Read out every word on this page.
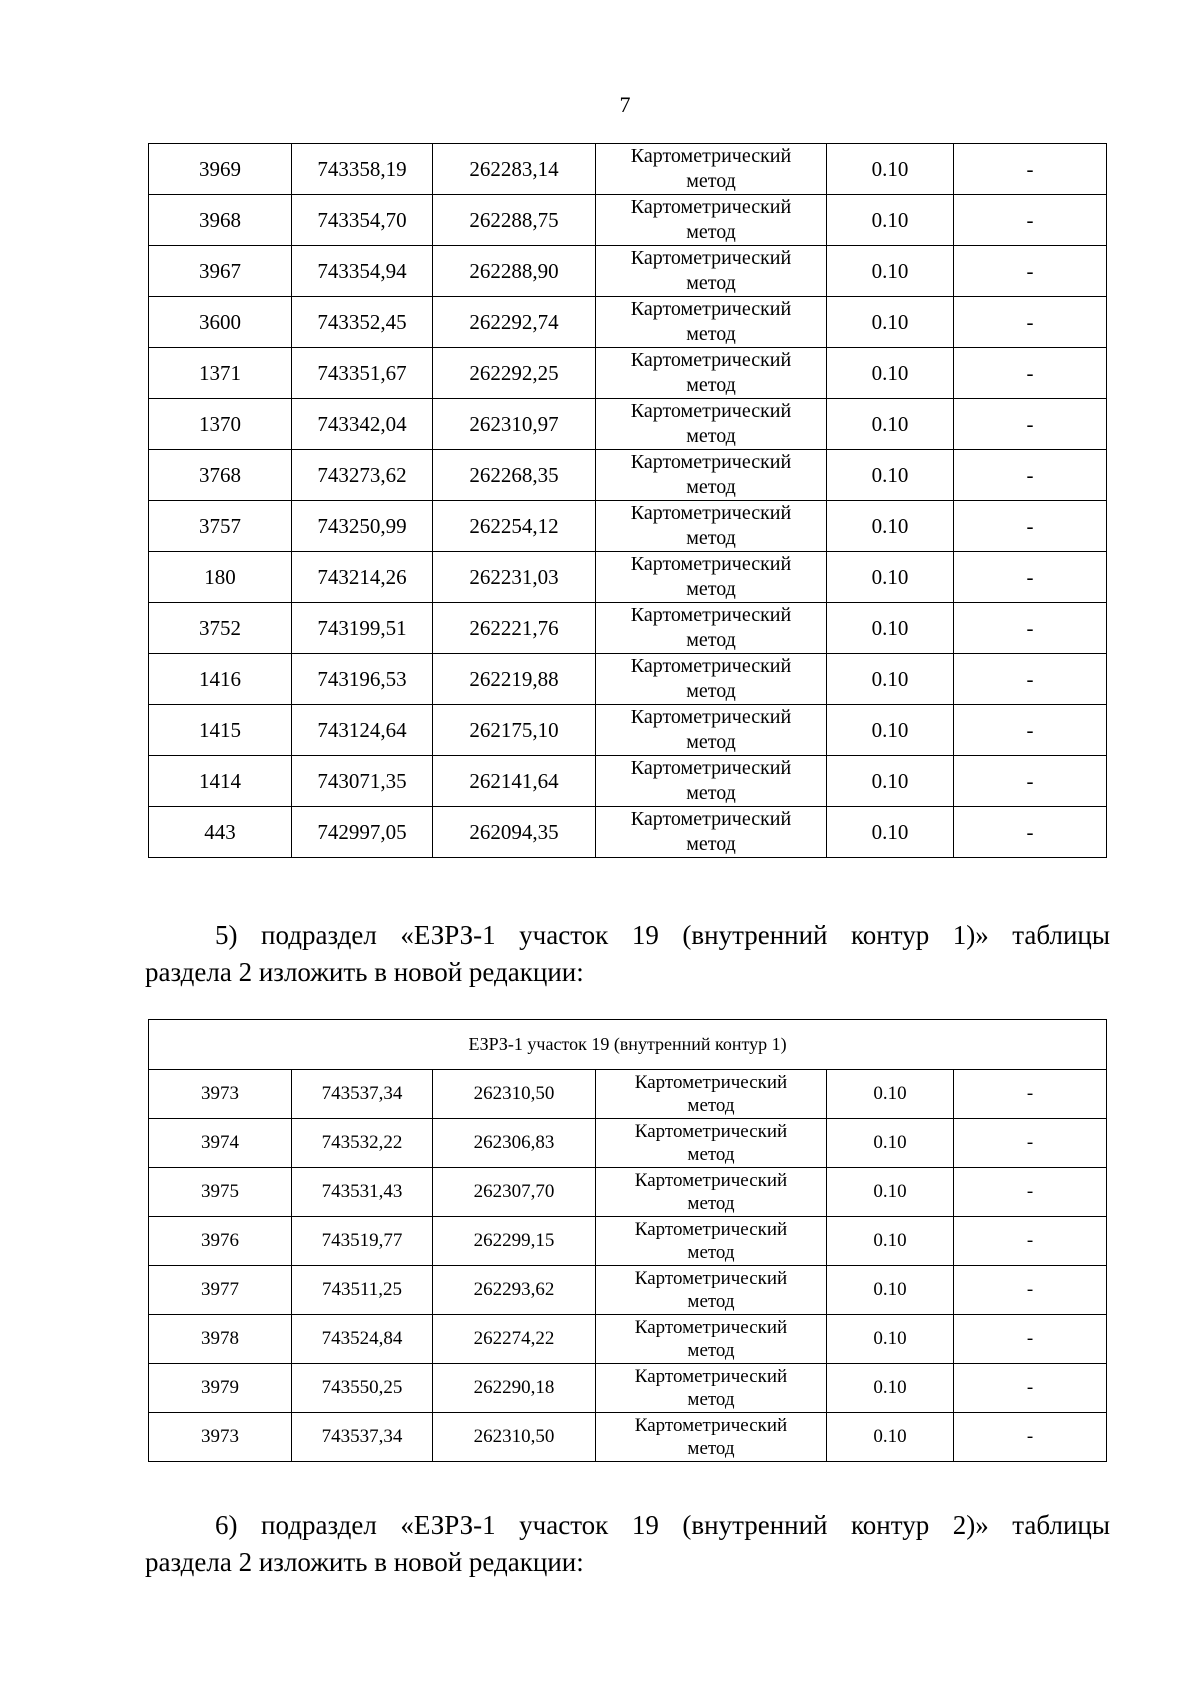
7
3969	743358,19	262283,14	Картометрический
метод	0.10	-
3968	743354,70	262288,75	Картометрический
метод	0.10	-
3967	743354,94	262288,90	Картометрический
метод	0.10	-
3600	743352,45	262292,74	Картометрический
метод	0.10	-
1371	743351,67	262292,25	Картометрический
метод	0.10	-
1370	743342,04	262310,97	Картометрический
метод	0.10	-
3768	743273,62	262268,35	Картометрический
метод	0.10	-
3757	743250,99	262254,12	Картометрический
метод	0.10	-
180	743214,26	262231,03	Картометрический
метод	0.10	-
3752	743199,51	262221,76	Картометрический
метод	0.10	-
1416	743196,53	262219,88	Картометрический
метод	0.10	-
1415	743124,64	262175,10	Картометрический
метод	0.10	-
1414	743071,35	262141,64	Картометрический
метод	0.10	-
443	742997,05	262094,35	Картометрический
метод	0.10	-
5) подраздел «ЕЗРЗ-1 участок 19 (внутренний контур 1)» таблицы
раздела 2 изложить в новой редакции:
ЕЗРЗ-1 участок 19 (внутренний контур 1)					
3973	743537,34	262310,50	Картометрический
метод	0.10	-
3974	743532,22	262306,83	Картометрический
метод	0.10	-
3975	743531,43	262307,70	Картометрический
метод	0.10	-
3976	743519,77	262299,15	Картометрический
метод	0.10	-
3977	743511,25	262293,62	Картометрический
метод	0.10	-
3978	743524,84	262274,22	Картометрический
метод	0.10	-
3979	743550,25	262290,18	Картометрический
метод	0.10	-
3973	743537,34	262310,50	Картометрический
метод	0.10	-
6) подраздел «ЕЗРЗ-1 участок 19 (внутренний контур 2)» таблицы
раздела 2 изложить в новой редакции:
